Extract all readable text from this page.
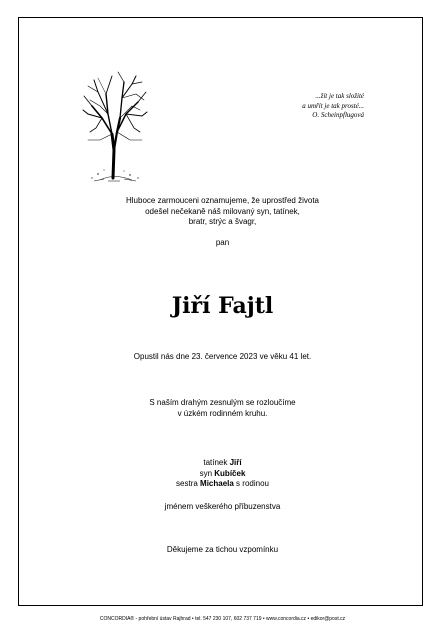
...žít je tak složité
a umřít je tak prosté...
O. Scheinpflugová
Hluboce zarmouceni oznamujeme, že uprostřed života
odešel nečekaně náš milovaný syn, tatínek,
bratr, strýc a švagr,
pan
Jiří Fajtl
Opustil nás dne 23. července 2023 ve věku 41 let.
S naším drahým zesnulým se rozloučíme
v úzkém rodinném kruhu.
tatínek Jiří
syn Kubíček
sestra Michaela s rodinou
jménem veškerého příbuzenstva
Děkujeme za tichou vzpomínku
CONCORDIA® - pohřební ústav Rajhrad • tel. 547 230 107, 602 737 719 • www.concordia.cz • edikor@post.cz
